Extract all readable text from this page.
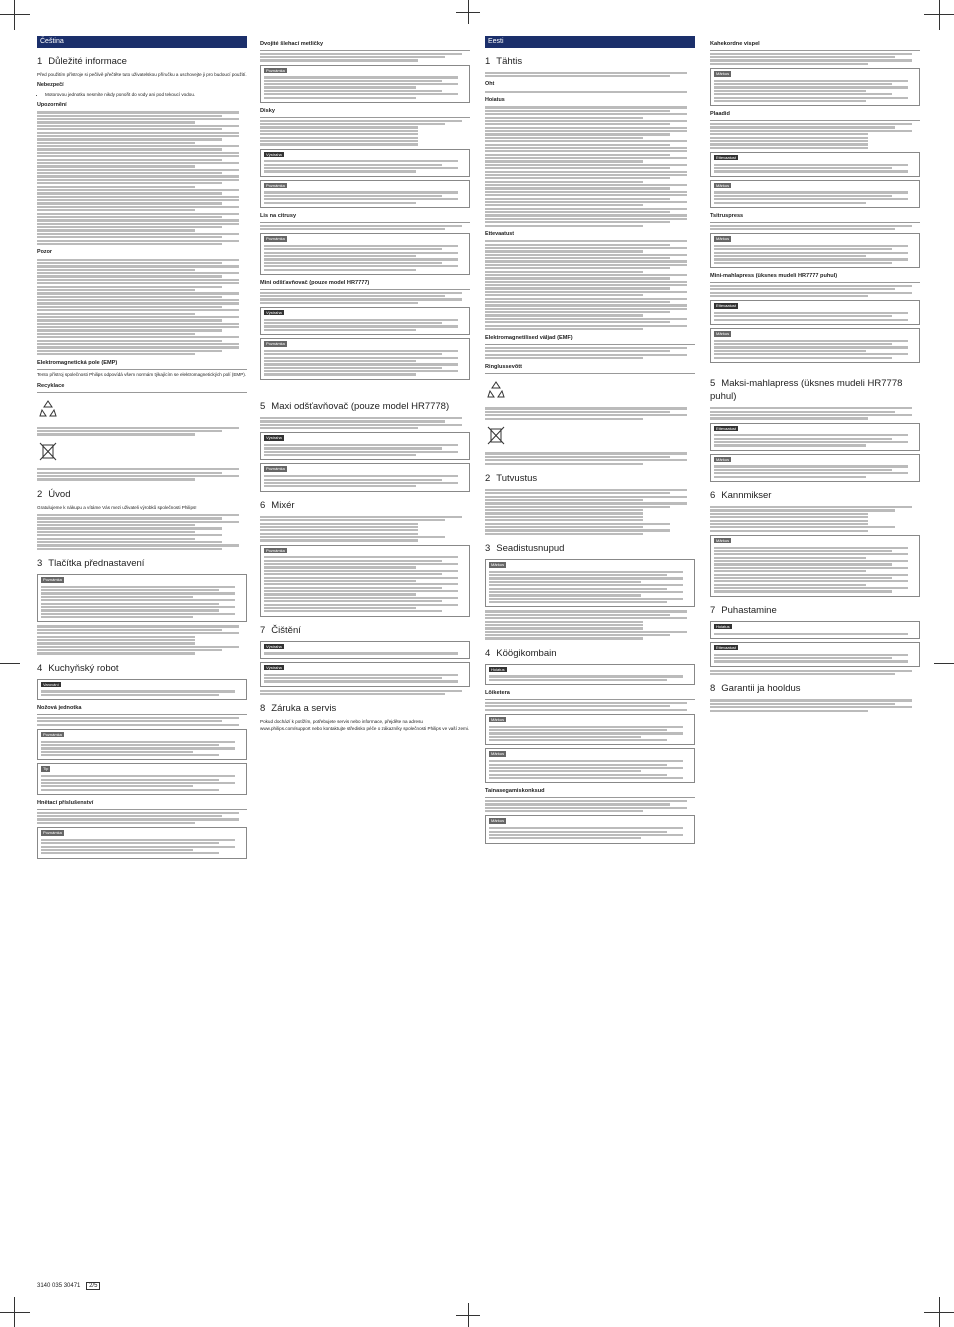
Čeština
1 Důležité informace

Před použitím přístroje si pečlivě přečtěte tuto uživatelskou příručku a uschovejte ji pro budoucí použití.

Nebezpečí
• Motorovou jednotku nesmíte nikdy ponořit do vody ani pod tekoucí vodou.
Upozornění
Pozor
Elektromagnetická pole (EMP)

Tento přístroj společnosti Philips odpovídá všem normám týkajícím se elektromagnetických polí (EMP).

Recyklace
2 Úvod

Gratulujeme k nákupu a vítáme Vás mezi uživateli výrobků společnosti Philips!

3 Tlačítka přednastavení
Poznámka
4 Kuchyňský robot
Varování
Nožová jednotka
Poznámka
Tip
Hnětací příslušenství
Poznámka
Dvojité šlehací metličky
Poznámka
Disky
Výstraha
Poznámka
Lis na citrusy
Poznámka
Mini odšťavňovač (pouze model HR7777)
Výstraha
Poznámka
5 Maxi odšťavňovač (pouze model HR7778)
Výstraha
Poznámka
6 Mixér
Poznámka
7 Čištění
Výstraha
Výstraha
8 Záruka a servis

Pokud dochází k potížím, potřebujete servis nebo informace, přejděte na adresu www.philips.com/support nebo kontaktujte středisko péče o zákazníky společnosti Philips ve vaší zemi.

Eesti
1 Tähtis
Oht
Hoiatus
Ettevaatust
Elektromagnetilised väljad (EMF)
Ringlussevõtt
2 Tutvustus
3 Seadistusnupud
Märkus
4 Köögikombain
Hoiatus
Lõiketera
Märkus
Märkus
Tainasegamiskonksud
Märkus
Kahekordne vispel
Märkus
Plaadid
Ettevaatust
Märkus
Tsitruspress
Märkus
Mini-mahlapress (üksnes mudeli HR7777 puhul)
Ettevaatust
Märkus
5 Maksi-mahlapress (üksnes mudeli HR7778 puhul)
Ettevaatust
Märkus
6 Kannmikser
Märkus
7 Puhastamine
Hoiatus
Ettevaatust
8 Garantii ja hooldus
3140 035 30471 2/5
